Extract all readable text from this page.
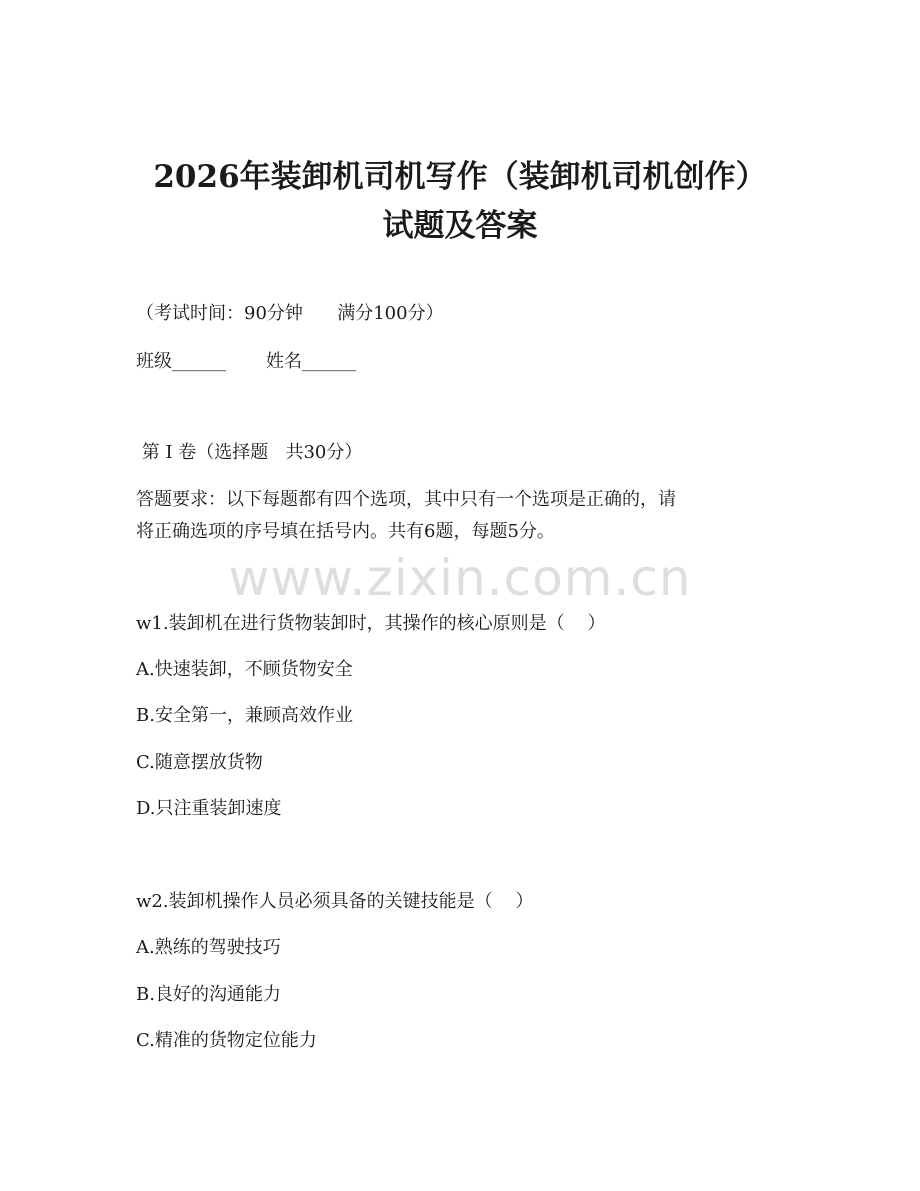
2026年装卸机司机写作（装卸机司机创作）
试题及答案

（考试时间：90分钟      满分100分）

班级______       姓名______

第 I 卷（选择题   共30分）

答题要求：以下每题都有四个选项，其中只有一个选项是正确的，请

将正确选项的序号填在括号内。共有6题，每题5分。

www.zixin.com.cn

w1.装卸机在进行货物装卸时，其操作的核心原则是（    ）

A.快速装卸，不顾货物安全

B.安全第一，兼顾高效作业

C.随意摆放货物

D.只注重装卸速度

w2.装卸机操作人员必须具备的关键技能是（    ）

A.熟练的驾驶技巧

B.良好的沟通能力

C.精准的货物定位能力
